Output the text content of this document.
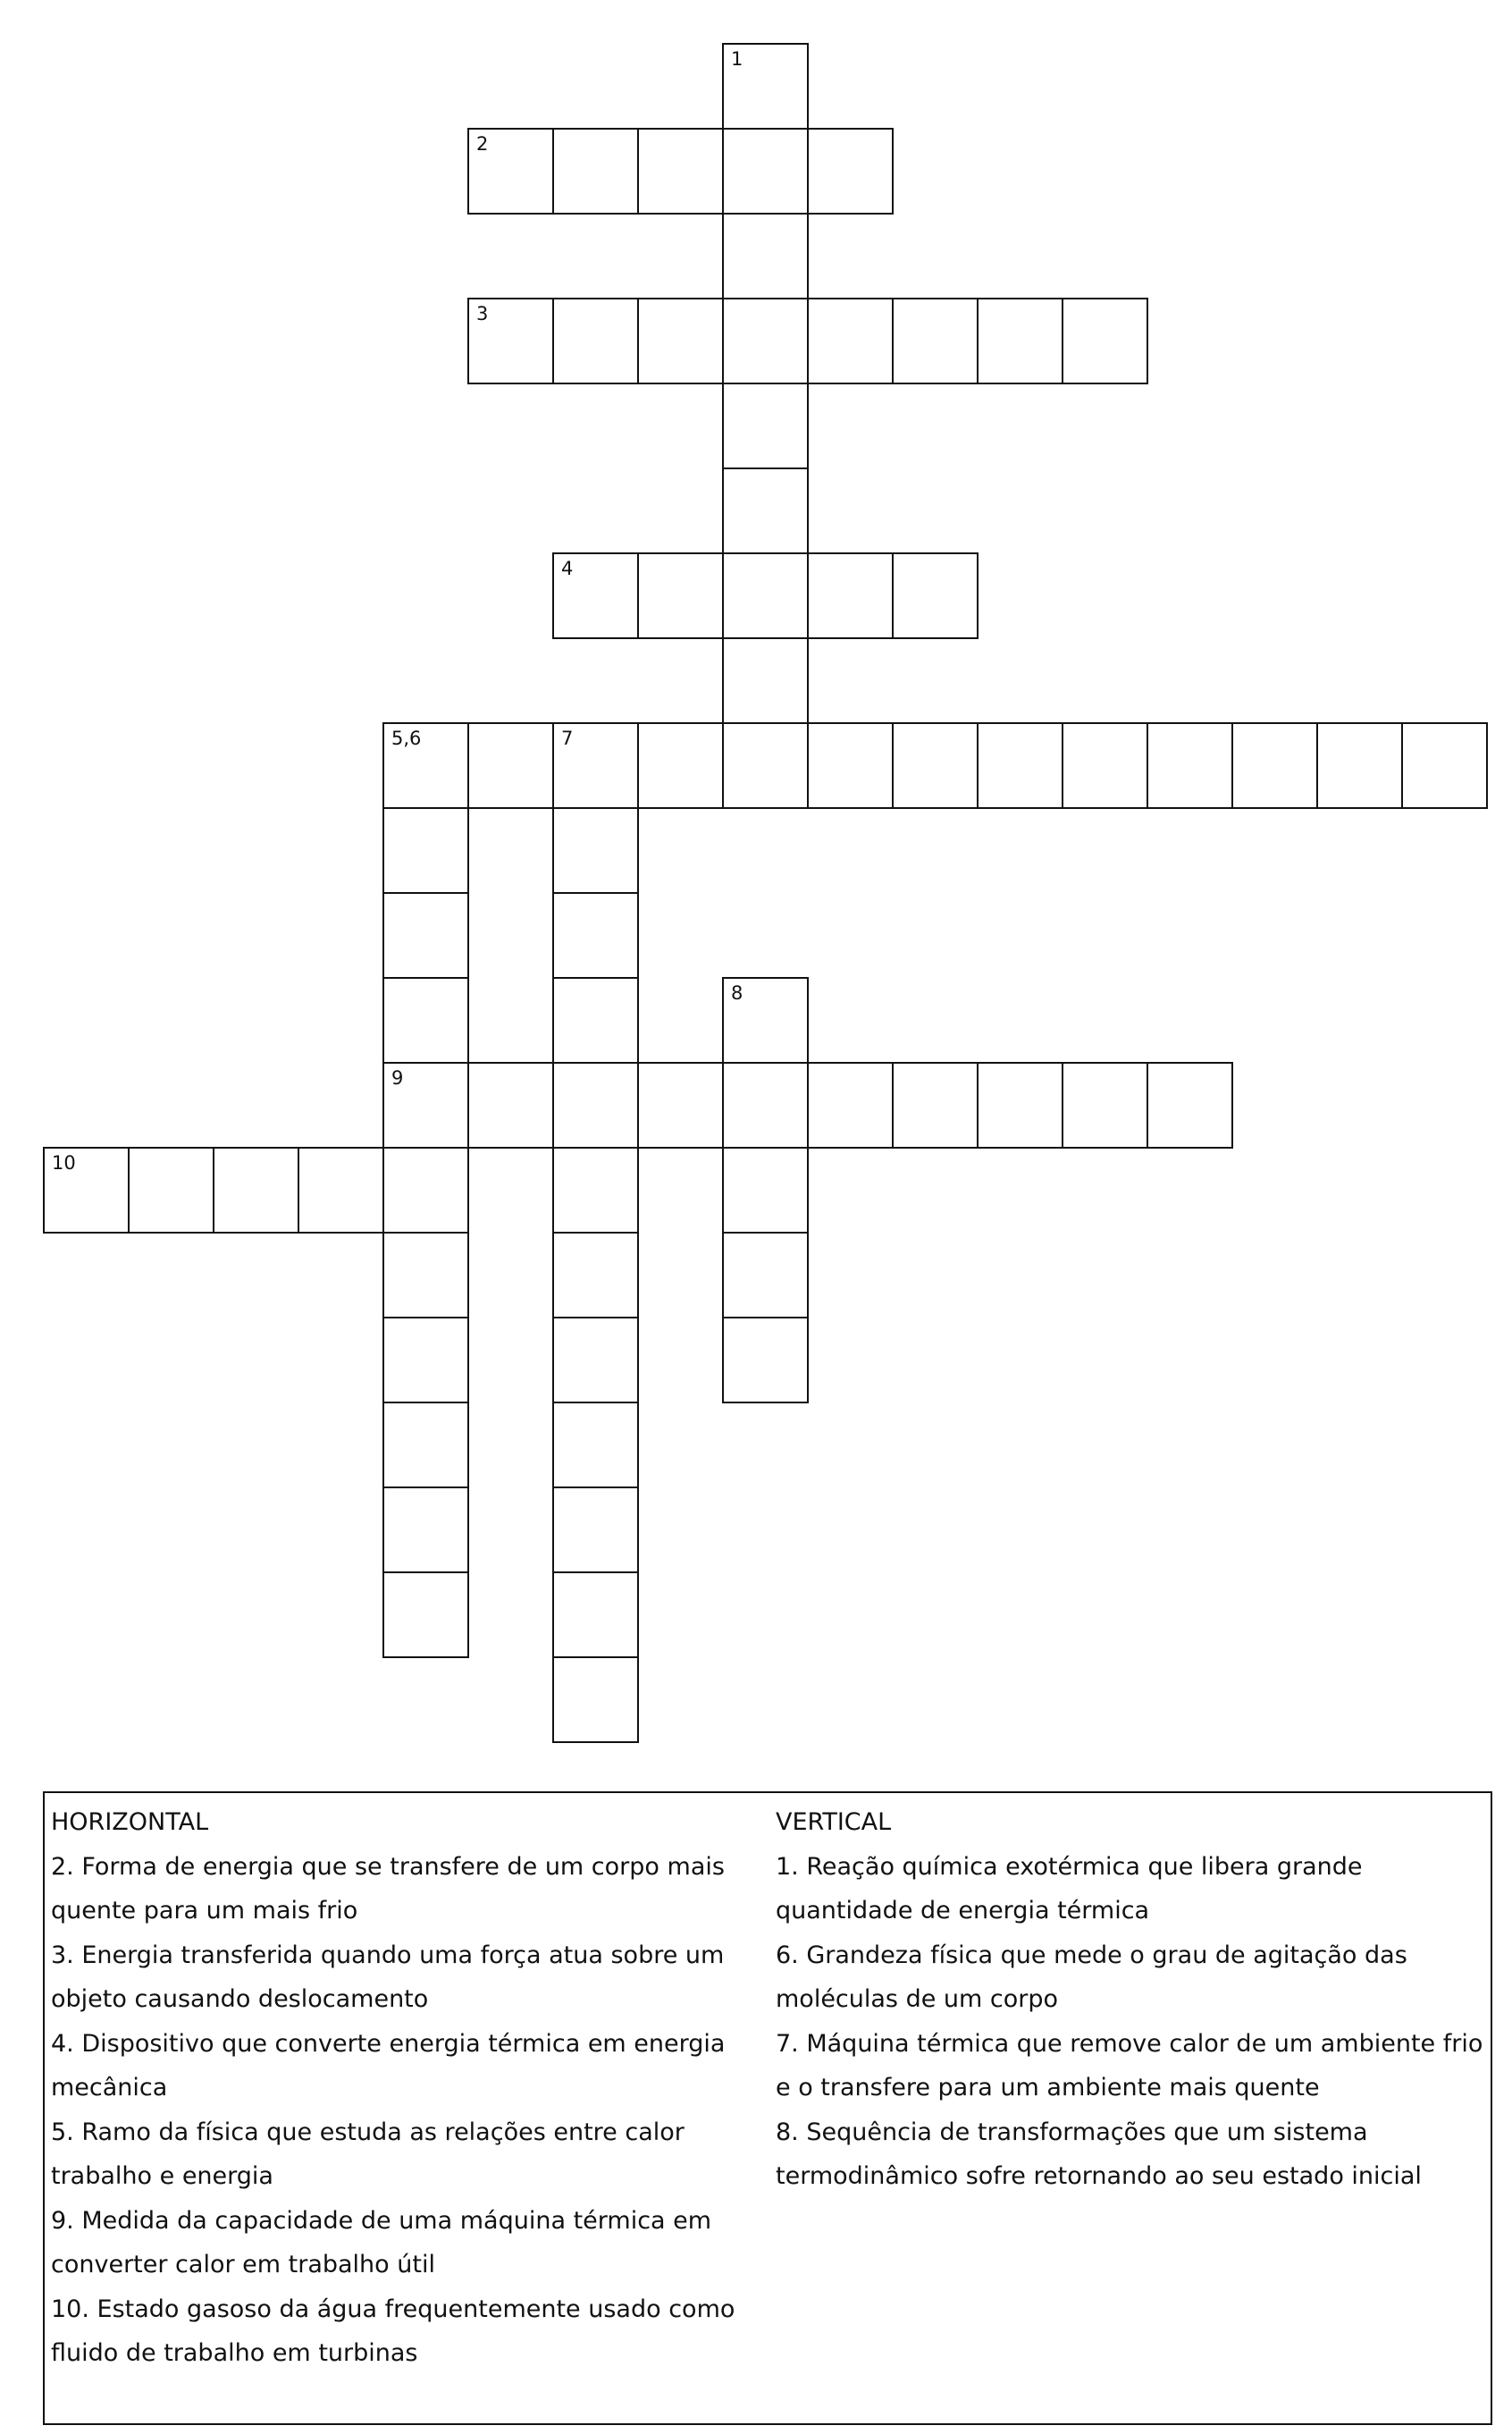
1
2
3
4
5,6	7
9
8
10
HORIZONTAL
2. Forma de energia que se transfere de um corpo mais
quente para um mais frio
3. Energia transferida quando uma força atua sobre um
objeto causando deslocamento
4. Dispositivo que converte energia térmica em energia
mecânica
5. Ramo da física que estuda as relações entre calor
trabalho e energia
9. Medida da capacidade de uma máquina térmica em
converter calor em trabalho útil
10. Estado gasoso da água frequentemente usado como
fluido de trabalho em turbinas
VERTICAL
1. Reação química exotérmica que libera grande
quantidade de energia térmica
6. Grandeza física que mede o grau de agitação das
moléculas de um corpo
7. Máquina térmica que remove calor de um ambiente frio
e o transfere para um ambiente mais quente
8. Sequência de transformações que um sistema
termodinâmico sofre retornando ao seu estado inicial
